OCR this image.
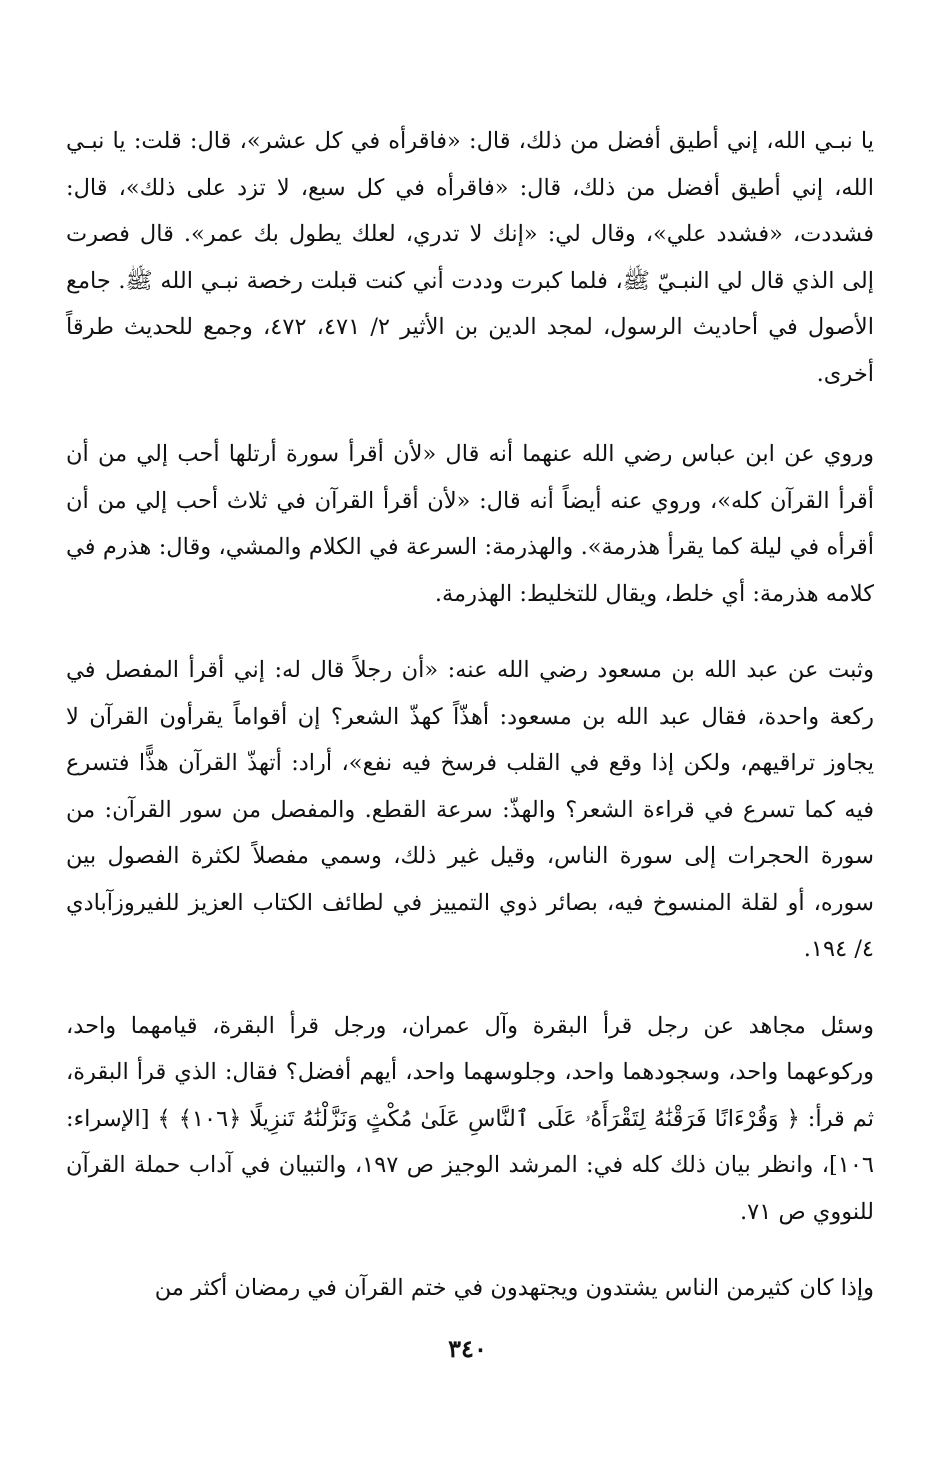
يا نبـي الله، إني أطيق أفضل من ذلك، قال: «فاقرأه في كل عشر»، قال: قلت: يا نبـي الله، إني أطيق أفضل من ذلك، قال: «فاقرأه في كل سبع، لا تزد على ذلك»، قال: فشددت، «فشدد علي»، وقال لي: «إنك لا تدري، لعلك يطول بك عمر». قال فصرت إلى الذي قال لي النبـيّ ﷺ، فلما كبرت وددت أني كنت قبلت رخصة نبـي الله ﷺ. جامع الأصول في أحاديث الرسول، لمجد الدين بن الأثير ٢/ ٤٧١، ٤٧٢، وجمع للحديث طرقاً أخرى.

وروي عن ابن عباس رضي الله عنهما أنه قال «لأن أقرأ سورة أرتلها أحب إلي من أن أقرأ القرآن كله»، وروي عنه أيضاً أنه قال: «لأن أقرأ القرآن في ثلاث أحب إلي من أن أقرأه في ليلة كما يقرأ هذرمة». والهذرمة: السرعة في الكلام والمشي، وقال: هذرم في كلامه هذرمة: أي خلط، ويقال للتخليط: الهذرمة.

وثبت عن عبد الله بن مسعود رضي الله عنه: «أن رجلاً قال له: إني أقرأ المفصل في ركعة واحدة، فقال عبد الله بن مسعود: أهذّاً كهذّ الشعر؟ إن أقواماً يقرأون القرآن لا يجاوز تراقيهم، ولكن إذا وقع في القلب فرسخ فيه نفع»، أراد: أتهذّ القرآن هذًّا فتسرع فيه كما تسرع في قراءة الشعر؟ والهذّ: سرعة القطع. والمفصل من سور القرآن: من سورة الحجرات إلى سورة الناس، وقيل غير ذلك، وسمي مفصلاً لكثرة الفصول بين سوره، أو لقلة المنسوخ فيه، بصائر ذوي التمييز في لطائف الكتاب العزيز للفيروزآبادي ٤/ ١٩٤.

وسئل مجاهد عن رجل قرأ البقرة وآل عمران، ورجل قرأ البقرة، قيامهما واحد، وركوعهما واحد، وسجودهما واحد، وجلوسهما واحد، أيهم أفضل؟ فقال: الذي قرأ البقرة، ثم قرأ: ﴿ وَقُرْءَانًا فَرَقْنَٰهُ لِتَقْرَأَهُۥ عَلَى ٱلنَّاسِ عَلَىٰ مُكْثٍ وَنَزَّلْنَٰهُ تَنزِيلًا ﴿١٠٦﴾ ﴾ [الإسراء: ١٠٦]، وانظر بيان ذلك كله في: المرشد الوجيز ص ١٩٧، والتبيان في آداب حملة القرآن للنووي ص ٧١.

وإذا كان كثيرمن الناس يشتدون ويجتهدون في ختم القرآن في رمضان أكثر من

٣٤٠
